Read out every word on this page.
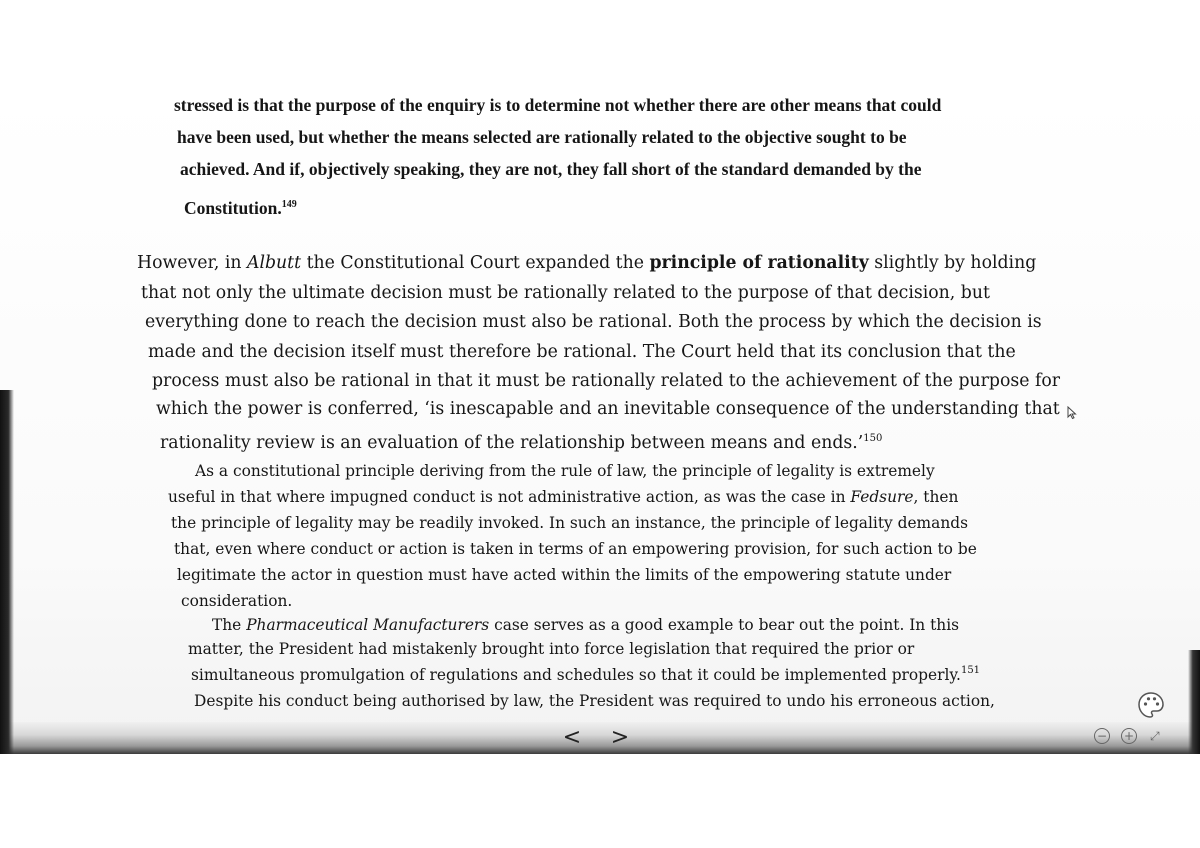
stressed is that the purpose of the enquiry is to determine not whether there are other means that could
have been used, but whether the means selected are rationally related to the objective sought to be
achieved. And if, objectively speaking, they are not, they fall short of the standard demanded by the
Constitution.$^{149}$
However, in Albutt the Constitutional Court expanded the principle of rationality slightly by holding
that not only the ultimate decision must be rationally related to the purpose of that decision, but
everything done to reach the decision must also be rational. Both the process by which the decision is
made and the decision itself must therefore be rational. The Court held that its conclusion that the
process must also be rational in that it must be rationally related to the achievement of the purpose for
which the power is conferred, ‘is inescapable and an inevitable consequence of the understanding that
rationality review is an evaluation of the relationship between means and ends.’$^{150}$
As a constitutional principle deriving from the rule of law, the principle of legality is extremely
useful in that where impugned conduct is not administrative action, as was the case in Fedsure, then
the principle of legality may be readily invoked. In such an instance, the principle of legality demands
that, even where conduct or action is taken in terms of an empowering provision, for such action to be
legitimate the actor in question must have acted within the limits of the empowering statute under
consideration.
The Pharmaceutical Manufacturers case serves as a good example to bear out the point. In this
matter, the President had mistakenly brought into force legislation that required the prior or
simultaneous promulgation of regulations and schedules so that it could be implemented properly.$^{151}$
Despite his conduct being authorised by law, the President was required to undo his erroneous action,
< >	− + ⤢
